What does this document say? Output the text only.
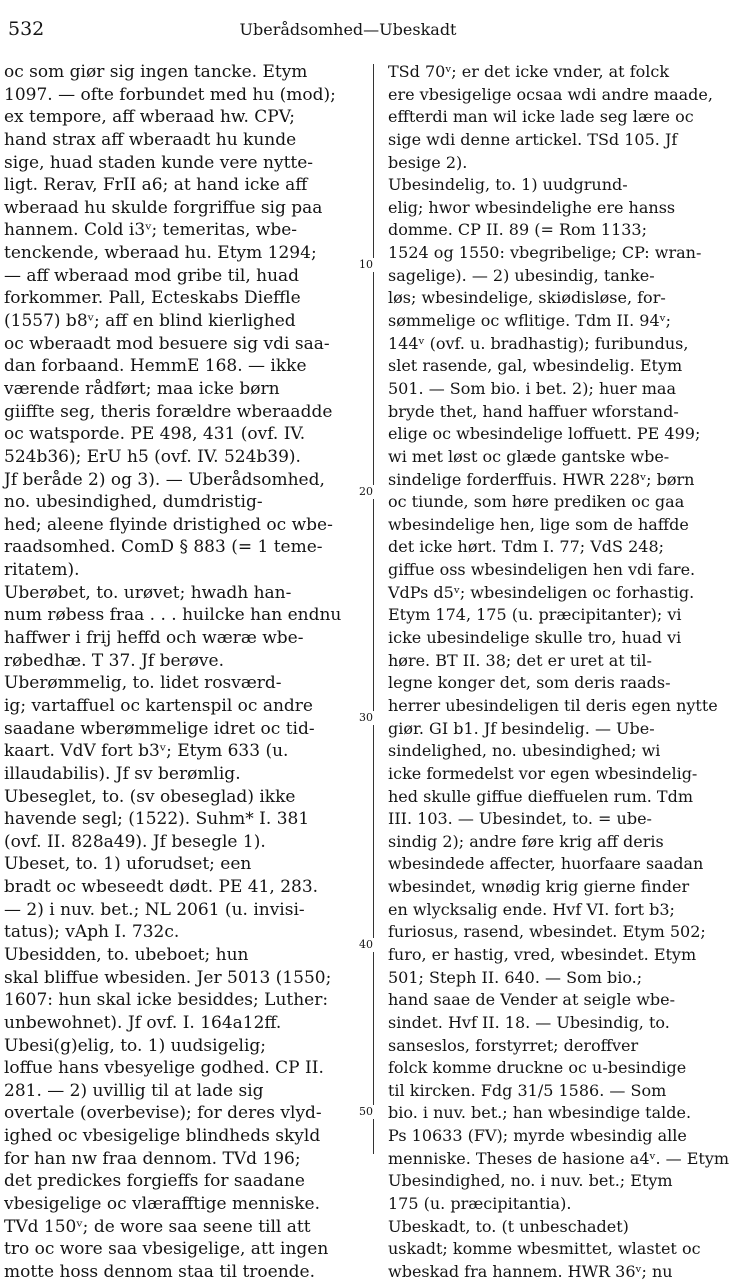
532	Uberådsomhed—Ubeskadt
10
20
30
40
50
oc som giør sig ingen tancke. Etym
1097. — ofte forbundet med hu (mod);
ex tempore, aff wberaad hw. CPV;
hand strax aff wberaadt hu kunde
sige, huad staden kunde vere nytte-
ligt. Rerav, FrII a6; at hand icke aff
wberaad hu skulde forgriffue sig paa
hannem. Cold i3ᵛ; temeritas, wbe-
tenckende, wberaad hu. Etym 1294;
— aff wberaad mod gribe til, huad
forkommer. Pall, Ecteskabs Dieffle
(1557) b8ᵛ; aff en blind kierlighed
oc wberaadt mod besuere sig vdi saa-
dan forbaand. HemmE 168. — ikke
værende rådført; maa icke børn
giiffte seg, theris forældre wberaadde
oc watsporde. PE 498, 431 (ovf. IV.
524b36); ErU h5 (ovf. IV. 524b39).
Jf beråde 2) og 3). — Uberådsomhed,
no. ubesindighed, dumdristig-
hed; aleene flyinde dristighed oc wbe-
raadsomhed. ComD § 883 (= 1 teme-
ritatem).
Uberøbet, to. urøvet; hwadh han-
num røbess fraa . . . huilcke han endnu
haffwer i frij heffd och wæræ wbe-
røbedhæ. T 37. Jf berøve.
Uberømmelig, to. lidet rosværd-
ig; vartaffuel oc kartenspil oc andre
saadane wberømmelige idret oc tid-
kaart. VdV fort b3ᵛ; Etym 633 (u.
illaudabilis). Jf sv berømlig.
Ubeseglet, to. (sv obeseglad) ikke
havende segl; (1522). Suhm* I. 381
(ovf. II. 828a49). Jf besegle 1).
Ubeset, to. 1) uforudset; een
bradt oc wbeseedt dødt. PE 41, 283.
— 2) i nuv. bet.; NL 2061 (u. invisi-
tatus); vAph I. 732c.
Ubesidden, to. ubeboet; hun
skal bliffue wbesiden. Jer 5013 (1550;
1607: hun skal icke besiddes; Luther:
unbewohnet). Jf ovf. I. 164a12ff.
Ubesi(g)elig, to. 1) uudsigelig;
loffue hans vbesyelige godhed. CP II.
281. — 2) uvillig til at lade sig
overtale (overbevise); for deres vlyd-
ighed oc vbesigelige blindheds skyld
for han nw fraa dennom. TVd 196;
det predickes forgieffs for saadane
vbesigelige oc vlærafftige menniske.
TVd 150ᵛ; de wore saa seene till att
tro oc wore saa vbesigelige, att ingen
motte hoss dennom staa til troende.
TSd 70ᵛ; er det icke vnder, at folck
ere vbesigelige ocsaa wdi andre maade,
effterdi man wil icke lade seg lære oc
sige wdi denne artickel. TSd 105. Jf
besige 2).
Ubesindelig, to. 1) uudgrund-
elig; hwor wbesindelighe ere hanss
domme. CP II. 89 (= Rom 1133;
1524 og 1550: vbegribelige; CP: wran-
sagelige). — 2) ubesindig, tanke-
løs; wbesindelige, skiødisløse, for-
sømmelige oc wflitige. Tdm II. 94ᵛ;
144ᵛ (ovf. u. bradhastig); furibundus,
slet rasende, gal, wbesindelig. Etym
501. — Som bio. i bet. 2); huer maa
bryde thet, hand haffuer wforstand-
elige oc wbesindelige loffuett. PE 499;
wi met løst oc glæde gantske wbe-
sindelige forderffuis. HWR 228ᵛ; børn
oc tiunde, som høre prediken oc gaa
wbesindelige hen, lige som de haffde
det icke hørt. Tdm I. 77; VdS 248;
giffue oss wbesindeligen hen vdi fare.
VdPs d5ᵛ; wbesindeligen oc forhastig.
Etym 174, 175 (u. præcipitanter); vi
icke ubesindelige skulle tro, huad vi
høre. BT II. 38; det er uret at til-
legne konger det, som deris raads-
herrer ubesindeligen til deris egen nytte
giør. GI b1. Jf besindelig. — Ube-
sindelighed, no. ubesindighed; wi
icke formedelst vor egen wbesindelig-
hed skulle giffue dieffuelen rum. Tdm
III. 103. — Ubesindet, to. = ube-
sindig 2); andre føre krig aff deris
wbesindede affecter, huorfaare saadan
wbesindet, wnødig krig gierne finder
en wlycksalig ende. Hvf VI. fort b3;
furiosus, rasend, wbesindet. Etym 502;
furo, er hastig, vred, wbesindet. Etym
501; Steph II. 640. — Som bio.;
hand saae de Vender at seigle wbe-
sindet. Hvf II. 18. — Ubesindig, to.
sanseslos, forstyrret; deroffver
folck komme druckne oc u-besindige
til kircken. Fdg 31/5 1586. — Som
bio. i nuv. bet.; han wbesindige talde.
Ps 10633 (FV); myrde wbesindig alle
menniske. Theses de hasione a4ᵛ. — Etym
Ubesindighed, no. i nuv. bet.; Etym
175 (u. præcipitantia).
Ubeskadt, to. (t unbeschadet)
uskadt; komme wbesmittet, wlastet oc
wbeskad fra hannem. HWR 36ᵛ; nu
